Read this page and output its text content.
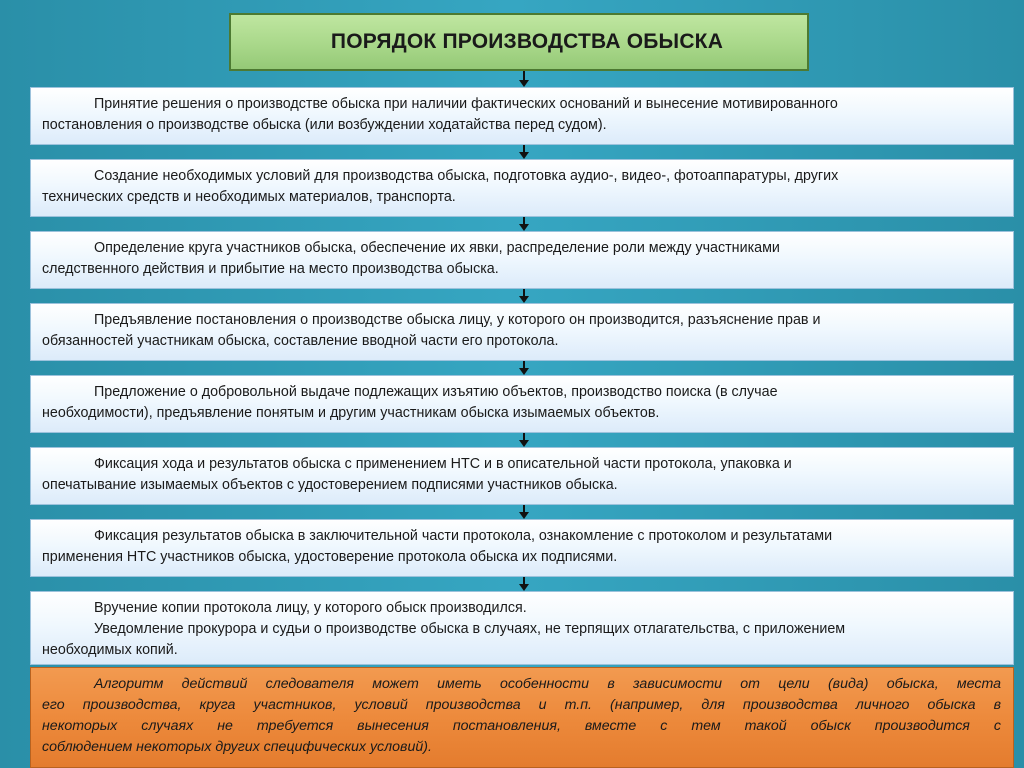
ПОРЯДОК ПРОИЗВОДСТВА ОБЫСКА
Принятие решения о производстве обыска при наличии фактических оснований и вынесение мотивированного
постановления о производстве обыска (или возбуждении ходатайства перед судом).
Создание необходимых условий для производства обыска, подготовка аудио-, видео-, фотоаппаратуры, других
технических средств и необходимых материалов, транспорта.
Определение круга участников обыска, обеспечение их явки, распределение роли между участниками
следственного действия и прибытие на место производства обыска.
Предъявление постановления о производстве обыска лицу, у которого он производится, разъяснение прав и
обязанностей участникам обыска, составление вводной части его протокола.
Предложение о добровольной выдаче подлежащих изъятию объектов, производство поиска (в случае
необходимости), предъявление понятым и другим участникам обыска изымаемых объектов.
Фиксация хода и результатов обыска с применением НТС и в описательной части протокола, упаковка и
опечатывание изымаемых объектов с удостоверением подписями участников обыска.
Фиксация результатов обыска в заключительной части протокола, ознакомление с протоколом и результатами
применения НТС участников обыска, удостоверение протокола обыска их подписями.
Вручение копии протокола лицу, у которого обыск производился.
Уведомление прокурора и судьи о производстве обыска в случаях, не терпящих отлагательства, с приложением
необходимых копий.
Алгоритм действий следователя может иметь особенности в зависимости от цели (вида) обыска, места
его производства, круга участников, условий производства и т.п. (например, для производства личного обыска в
некоторых случаях не требуется вынесения постановления, вместе с тем такой обыск производится с
соблюдением некоторых других специфических условий).
